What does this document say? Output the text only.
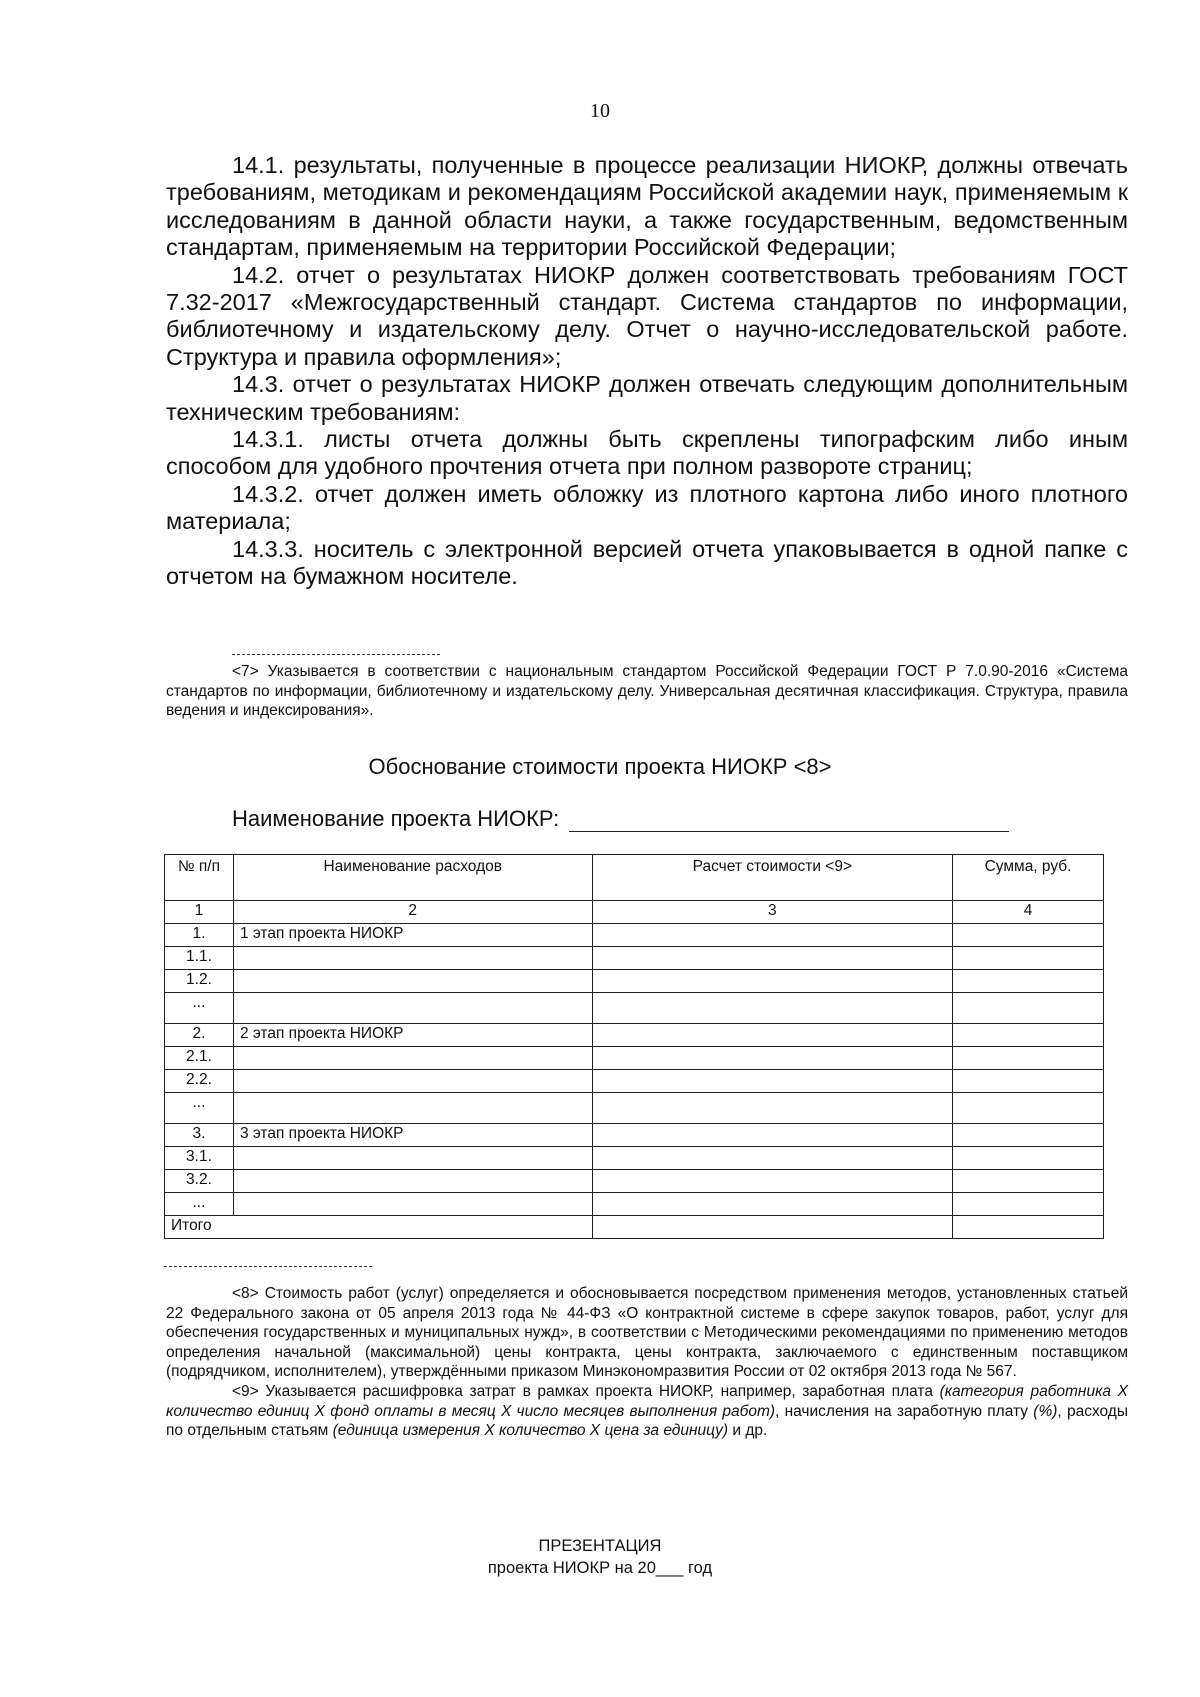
10

14.1. результаты, полученные в процессе реализации НИОКР, должны отвечать требованиям, методикам и рекомендациям Российской академии наук, применяемым к исследованиям в данной области науки, а также государственным, ведомственным стандартам, применяемым на территории Российской Федерации;

14.2. отчет о результатах НИОКР должен соответствовать требованиям ГОСТ 7.32-2017 «Межгосударственный стандарт. Система стандартов по информации, библиотечному и издательскому делу. Отчет о научно-исследовательской работе. Структура и правила оформления»;

14.3. отчет о результатах НИОКР должен отвечать следующим дополнительным техническим требованиям:

14.3.1. листы отчета должны быть скреплены типографским либо иным способом для удобного прочтения отчета при полном развороте страниц;

14.3.2. отчет должен иметь обложку из плотного картона либо иного плотного материала;

14.3.3. носитель с электронной версией отчета упаковывается в одной папке с отчетом на бумажном носителе.

<7> Указывается в соответствии с национальным стандартом Российской Федерации ГОСТ Р 7.0.90-2016 «Система стандартов по информации, библиотечному и издательскому делу. Универсальная десятичная классификация. Структура, правила ведения и индексирования».

Обоснование стоимости проекта НИОКР <8>
Наименование проекта НИОКР:
№ п/п	Наименование расходов	Расчет стоимости <9>	Сумма, руб.
1	2	3	4
1.	1 этап проекта НИОКР		
1.1.			
1.2.			
...			
2.	2 этап проекта НИОКР		
2.1.			
2.2.			
...			
3.	3 этап проекта НИОКР		
3.1.			
3.2.			
...			
Итого			

<8> Стоимость работ (услуг) определяется и обосновывается посредством применения методов, установленных статьей 22 Федерального закона от 05 апреля 2013 года № 44-ФЗ «О контрактной системе в сфере закупок товаров, работ, услуг для обеспечения государственных и муниципальных нужд», в соответствии с Методическими рекомендациями по применению методов определения начальной (максимальной) цены контракта, цены контракта, заключаемого с единственным поставщиком (подрядчиком, исполнителем), утверждёнными приказом Минэкономразвития России от 02 октября 2013 года № 567.

<9> Указывается расшифровка затрат в рамках проекта НИОКР, например, заработная плата (категория работника X количество единиц X фонд оплаты в месяц X число месяцев выполнения работ), начисления на заработную плату (%), расходы по отдельным статьям (единица измерения X количество X цена за единицу) и др.

ПРЕЗЕНТАЦИЯ
проекта НИОКР на 20___ год
